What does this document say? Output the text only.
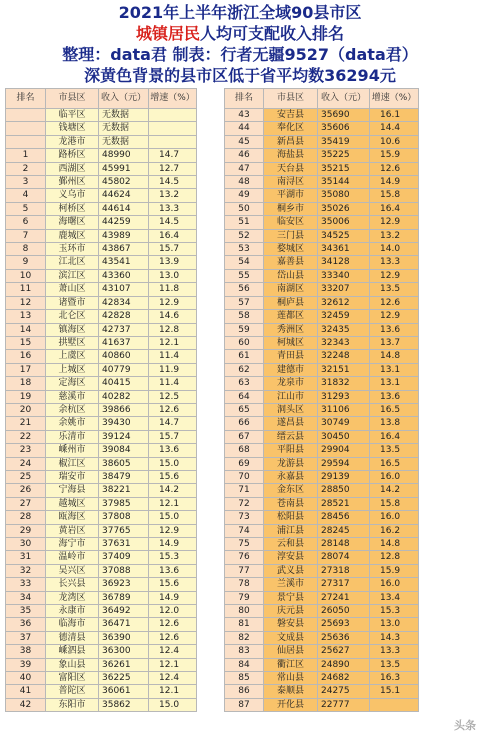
2021年上半年浙江全域90县市区
城镇居民人均可支配收入排名
整理：data君 制表：行者无疆9527（data君）
深黄色背景的县市区低于省平均数36294元
排名	市县区	收入（元）	增速（%）		排名	市县区	收入（元）	增速（%）	
	临平区	无数据			43	安吉县	35690	16.1	
	钱塘区	无数据			44	奉化区	35606	14.4	
	龙港市	无数据			45	新昌县	35419	10.6	
1	路桥区	48990	14.7		46	海盐县	35225	15.9	
2	西湖区	45991	12.7		47	天台县	35215	12.6	
3	鄞州区	45802	14.5		48	南浔区	35144	14.9	
4	义乌市	44624	13.2		49	平湖市	35080	15.8	
5	柯桥区	44614	13.3		50	桐乡市	35026	16.4	
6	海曙区	44259	14.5		51	临安区	35006	12.9	
7	鹿城区	43989	16.4		52	三门县	34525	13.2	
8	玉环市	43867	15.7		53	婺城区	34361	14.0	
9	江北区	43541	13.9		54	嘉善县	34128	13.3	
10	滨江区	43360	13.0		55	岱山县	33340	12.9	
11	萧山区	43107	11.8		56	南湖区	33207	13.5	
12	诸暨市	42834	12.9		57	桐庐县	32612	12.6	
13	北仑区	42828	14.6		58	莲都区	32459	12.9	
14	镇海区	42737	12.8		59	秀洲区	32435	13.6	
15	拱墅区	41637	12.1		60	柯城区	32343	13.7	
16	上虞区	40860	11.4		61	青田县	32248	14.8	
17	上城区	40779	11.9		62	建德市	32151	13.1	
18	定海区	40415	11.4		63	龙泉市	31832	13.1	
19	慈溪市	40282	12.5		64	江山市	31293	13.6	
20	余杭区	39866	12.6		65	洞头区	31106	16.5	
21	余姚市	39430	14.7		66	遂昌县	30749	13.8	
22	乐清市	39124	15.7		67	缙云县	30450	16.4	
23	嵊州市	39084	13.6		68	平阳县	29904	13.5	
24	椒江区	38605	15.0		69	龙游县	29594	16.5	
25	瑞安市	38479	15.6		70	永嘉县	29139	16.0	
26	宁海县	38221	14.2		71	金东区	28850	14.2	
27	越城区	37985	12.1		72	苍南县	28521	15.8	
28	瓯海区	37808	15.0		73	松阳县	28456	16.0	
29	黄岩区	37765	12.9		74	浦江县	28245	16.2	
30	海宁市	37631	14.9		75	云和县	28148	14.8	
31	温岭市	37409	15.3		76	淳安县	28074	12.8	
32	吴兴区	37088	13.6		77	武义县	27318	15.9	
33	长兴县	36923	15.6		78	兰溪市	27317	16.0	
34	龙湾区	36789	14.9		79	景宁县	27241	13.4	
35	永康市	36492	12.0		80	庆元县	26050	15.3	
36	临海市	36471	12.6		81	磐安县	25693	13.0	
37	德清县	36390	12.6		82	文成县	25636	14.3	
38	嵊泗县	36300	12.4		83	仙居县	25627	13.3	
39	象山县	36261	12.1		84	衢江区	24890	13.5	
40	富阳区	36225	12.4		85	常山县	24682	16.3	
41	普陀区	36061	12.1		86	泰顺县	24275	15.1	
42	东阳市	35862	15.0		87	开化县	22777		
头条
